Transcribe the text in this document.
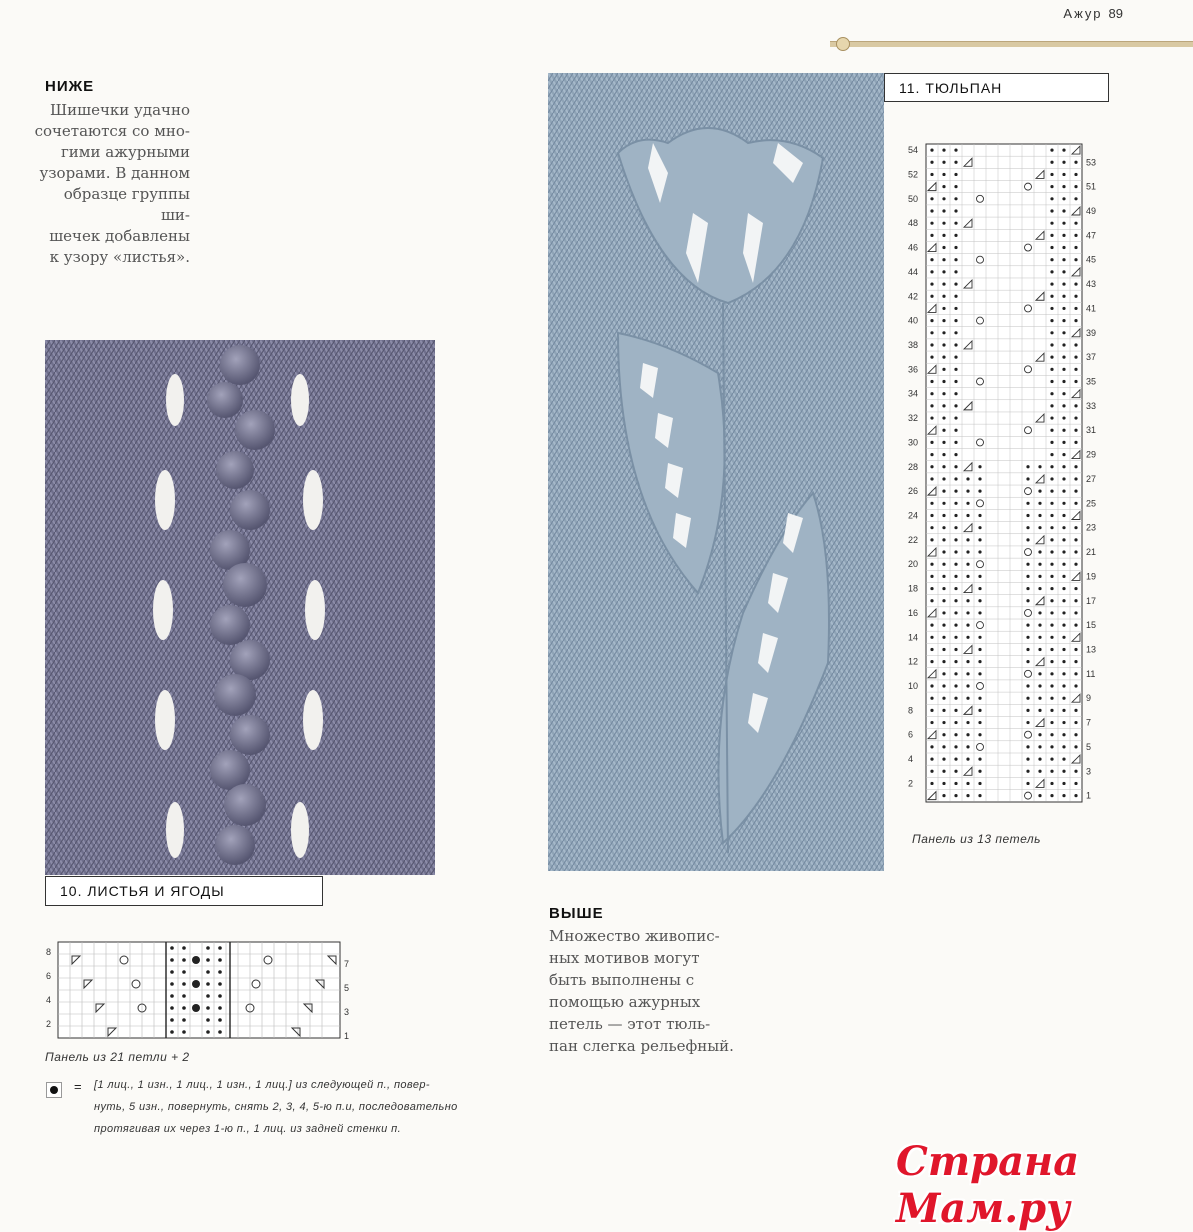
Ажур 89
НИЖЕ
Шишечки удачно
сочетаются со мно-
гими ажурными
узорами. В данном
образце группы ши-
шечек добавлены
к узору «листья».
10. ЛИСТЬЯ И ЯГОДЫ
8
6
4
2
7
5
3
1
Панель из 21 петли + 2
= [1 лиц., 1 изн., 1 лиц., 1 изн., 1 лиц.] из следующей п., повер-
нуть, 5 изн., повернуть, снять 2, 3, 4, 5-ю п.и, последовательно
протягивая их через 1-ю п., 1 лиц. из задней стенки п.
11. ТЮЛЬПАН
54
53
52
51
50
49
48
47
46
45
44
43
42
41
40
39
38
37
36
35
34
33
32
31
30
29
28
27
26
25
24
23
22
21
20
19
18
17
16
15
14
13
12
11
10
9
8
7
6
5
4
3
2
1
Панель из 13 петель
ВЫШЕ
Множество живопис-
ных мотивов могут
быть выполнены с
помощью ажурных
петель — этот тюль-
пан слегка рельефный.
Страна Мам.ру
